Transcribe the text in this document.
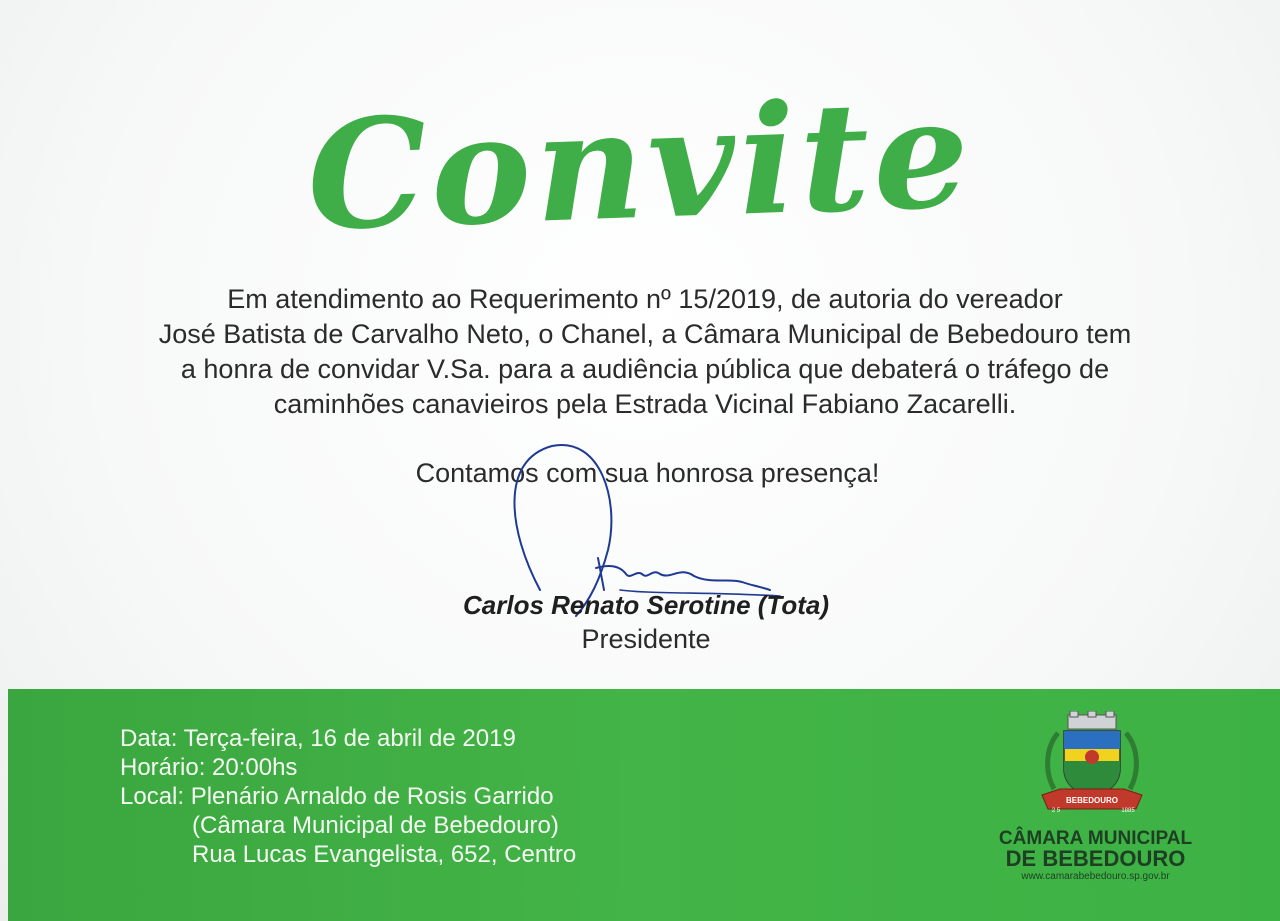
Convite

Em atendimento ao Requerimento nº 15/2019, de autoria do vereador
José Batista de Carvalho Neto, o Chanel, a Câmara Municipal de Bebedouro tem
a honra de convidar V.Sa. para a audiência pública que debaterá o tráfego de
caminhões canavieiros pela Estrada Vicinal Fabiano Zacarelli.

Contamos com sua honrosa presença!
Carlos Renato Serotine (Tota)
Presidente
Data: Terça-feira, 16 de abril de 2019
Horário: 20:00hs
Local: Plenário Arnaldo de Rosis Garrido
(Câmara Municipal de Bebedouro)
Rua Lucas Evangelista, 652, Centro
BEBEDOURO
2 5	1885
CÂMARA MUNICIPAL
DE BEBEDOURO
www.camarabebedouro.sp.gov.br
